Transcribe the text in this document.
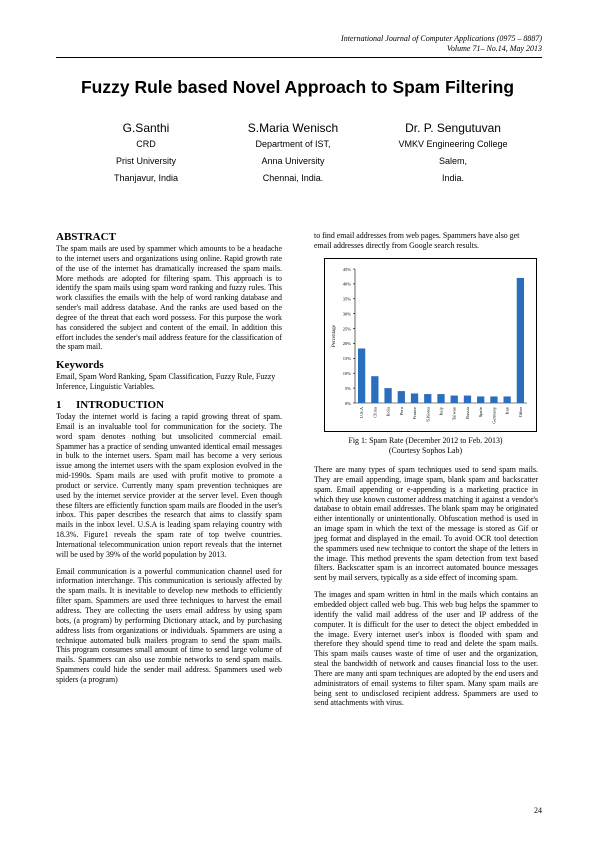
International Journal of Computer Applications (0975 – 8887)
Volume 71– No.14, May 2013
Fuzzy Rule based Novel Approach to Spam Filtering
G.Santhi
CRD
Prist University
Thanjavur, India
S.Maria Wenisch
Department of IST,
Anna University
Chennai, India.
Dr. P. Sengutuvan
VMKV Engineering College
Salem,
India.
ABSTRACT

The spam mails are used by spammer which amounts to be a headache to the internet users and organizations using online. Rapid growth rate of the use of the internet has dramatically increased the spam mails. More methods are adopted for filtering spam. This approach is to identify the spam mails using spam word ranking and fuzzy rules. This work classifies the emails with the help of word ranking database and sender's mail address database. And the ranks are used based on the degree of the threat that each word possess. For this purpose the work has considered the subject and content of the email. In addition this effort includes the sender's mail address feature for the classification of the spam mail.

Keywords

Email, Spam Word Ranking, Spam Classification, Fuzzy Rule, Fuzzy Inference, Linguistic Variables.

1 INTRODUCTION

Today the internet world is facing a rapid growing threat of spam. Email is an invaluable tool for communication for the society. The word spam denotes nothing but unsolicited commercial email. Spammer has a practice of sending unwanted identical email messages in bulk to the internet users. Spam mail has become a very serious issue among the internet users with the spam explosion evolved in the mid-1990s. Spam mails are used with profit motive to promote a product or service. Currently many spam prevention techniques are used by the internet service provider at the server level. Even though these filters are efficiently function spam mails are flooded in the user's inbox. This paper describes the research that aims to classify spam mails in the inbox level. U.S.A is leading spam relaying country with 18.3%. Figure1 reveals the spam rate of top twelve countries. International telecommunication union report reveals that the internet will be used by 39% of the world population by 2013.

Email communication is a powerful communication channel used for information interchange. This communication is seriously affected by the spam mails. It is inevitable to develop new methods to efficiently filter spam. Spammers are used three techniques to harvest the email address. They are collecting the users email address by using spam bots, (a program) by performing Dictionary attack, and by purchasing address lists from organizations or individuals. Spammers are using a technique automated bulk mailers program to send the spam mails. This program consumes small amount of time to send large volume of mails. Spammers can also use zombie networks to send spam mails. Spammers could hide the sender mail address. Spammers used web spiders (a program)

to find email addresses from web pages. Spammers have also get email addresses directly from Google search results.

0%
5%
10%
15%
20%
25%
30%
35%
40%
45%
Percentage
U.S.A China India Peru France S.Korea Italy Taiwan Russia Spain Germany Iran Other
Fig 1: Spam Rate (December 2012 to Feb. 2013)
(Courtesy Sophos Lab)

There are many types of spam techniques used to send spam mails. They are email appending, image spam, blank spam and backscatter spam. Email appending or e-appending is a marketing practice in which they use known customer address matching it against a vendor's database to obtain email addresses. The blank spam may be originated either intentionally or unintentionally. Obfuscation method is used in an image spam in which the text of the message is stored as Gif or jpeg format and displayed in the email. To avoid OCR tool detection the spammers used new technique to contort the shape of the letters in the image. This method prevents the spam detection from text based filters. Backscatter spam is an incorrect automated bounce messages sent by mail servers, typically as a side effect of incoming spam.

The images and spam written in html in the mails which contains an embedded object called web bug. This web bug helps the spammer to identify the valid mail address of the user and IP address of the computer. It is difficult for the user to detect the object embedded in the image. Every internet user's inbox is flooded with spam and therefore they should spend time to read and delete the spam mails. This spam mails causes waste of time of user and the organization, steal the bandwidth of network and causes financial loss to the user. There are many anti spam techniques are adopted by the end users and administrators of email systems to filter spam. Many spam mails are being sent to undisclosed recipient address. Spammers are used to send attachments with virus.

24
